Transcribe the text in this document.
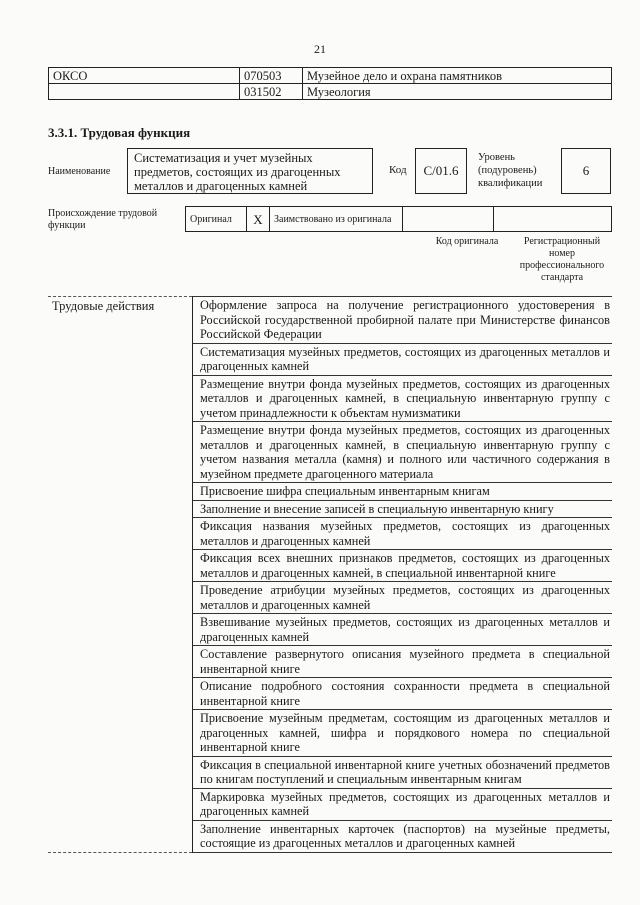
21
ОКСО	070503	Музейное дело и охрана памятников
	031502	Музеология
3.3.1. Трудовая функция
Наименование
Систематизация и учет музейных предметов, состоящих из драгоценных металлов и драгоценных камней
Код	C/01.6
Уровень (подуровень) квалификации
6
Происхождение трудовой функции
Оригинал	X	Заимствовано из оригинала		
Код оригинала	Регистрационный номер профессионального стандарта
Трудовые действия	Оформление запроса на получение регистрационного удостоверения в Российской государственной пробирной палате при Министерстве финансов Российской Федерации
Систематизация музейных предметов, состоящих из драгоценных металлов и драгоценных камней
Размещение внутри фонда музейных предметов, состоящих из драгоценных металлов и драгоценных камней, в специальную инвентарную группу с учетом принадлежности к объектам нумизматики
Размещение внутри фонда музейных предметов, состоящих из драгоценных металлов и драгоценных камней, в специальную инвентарную группу с учетом названия металла (камня) и полного или частичного содержания в музейном предмете драгоценного материала
Присвоение шифра специальным инвентарным книгам
Заполнение и внесение записей в специальную инвентарную книгу
Фиксация названия музейных предметов, состоящих из драгоценных металлов и драгоценных камней
Фиксация всех внешних признаков предметов, состоящих из драгоценных металлов и драгоценных камней, в специальной инвентарной книге
Проведение атрибуции музейных предметов, состоящих из драгоценных металлов и драгоценных камней
Взвешивание музейных предметов, состоящих из драгоценных металлов и драгоценных камней
Составление развернутого описания музейного предмета в специальной инвентарной книге
Описание подробного состояния сохранности предмета в специальной инвентарной книге
Присвоение музейным предметам, состоящим из драгоценных металлов и драгоценных камней, шифра и порядкового номера по специальной инвентарной книге
Фиксация в специальной инвентарной книге учетных обозначений предметов по книгам поступлений и специальным инвентарным книгам
Маркировка музейных предметов, состоящих из драгоценных металлов и драгоценных камней
Заполнение инвентарных карточек (паспортов) на музейные предметы, состоящие из драгоценных металлов и драгоценных камней
